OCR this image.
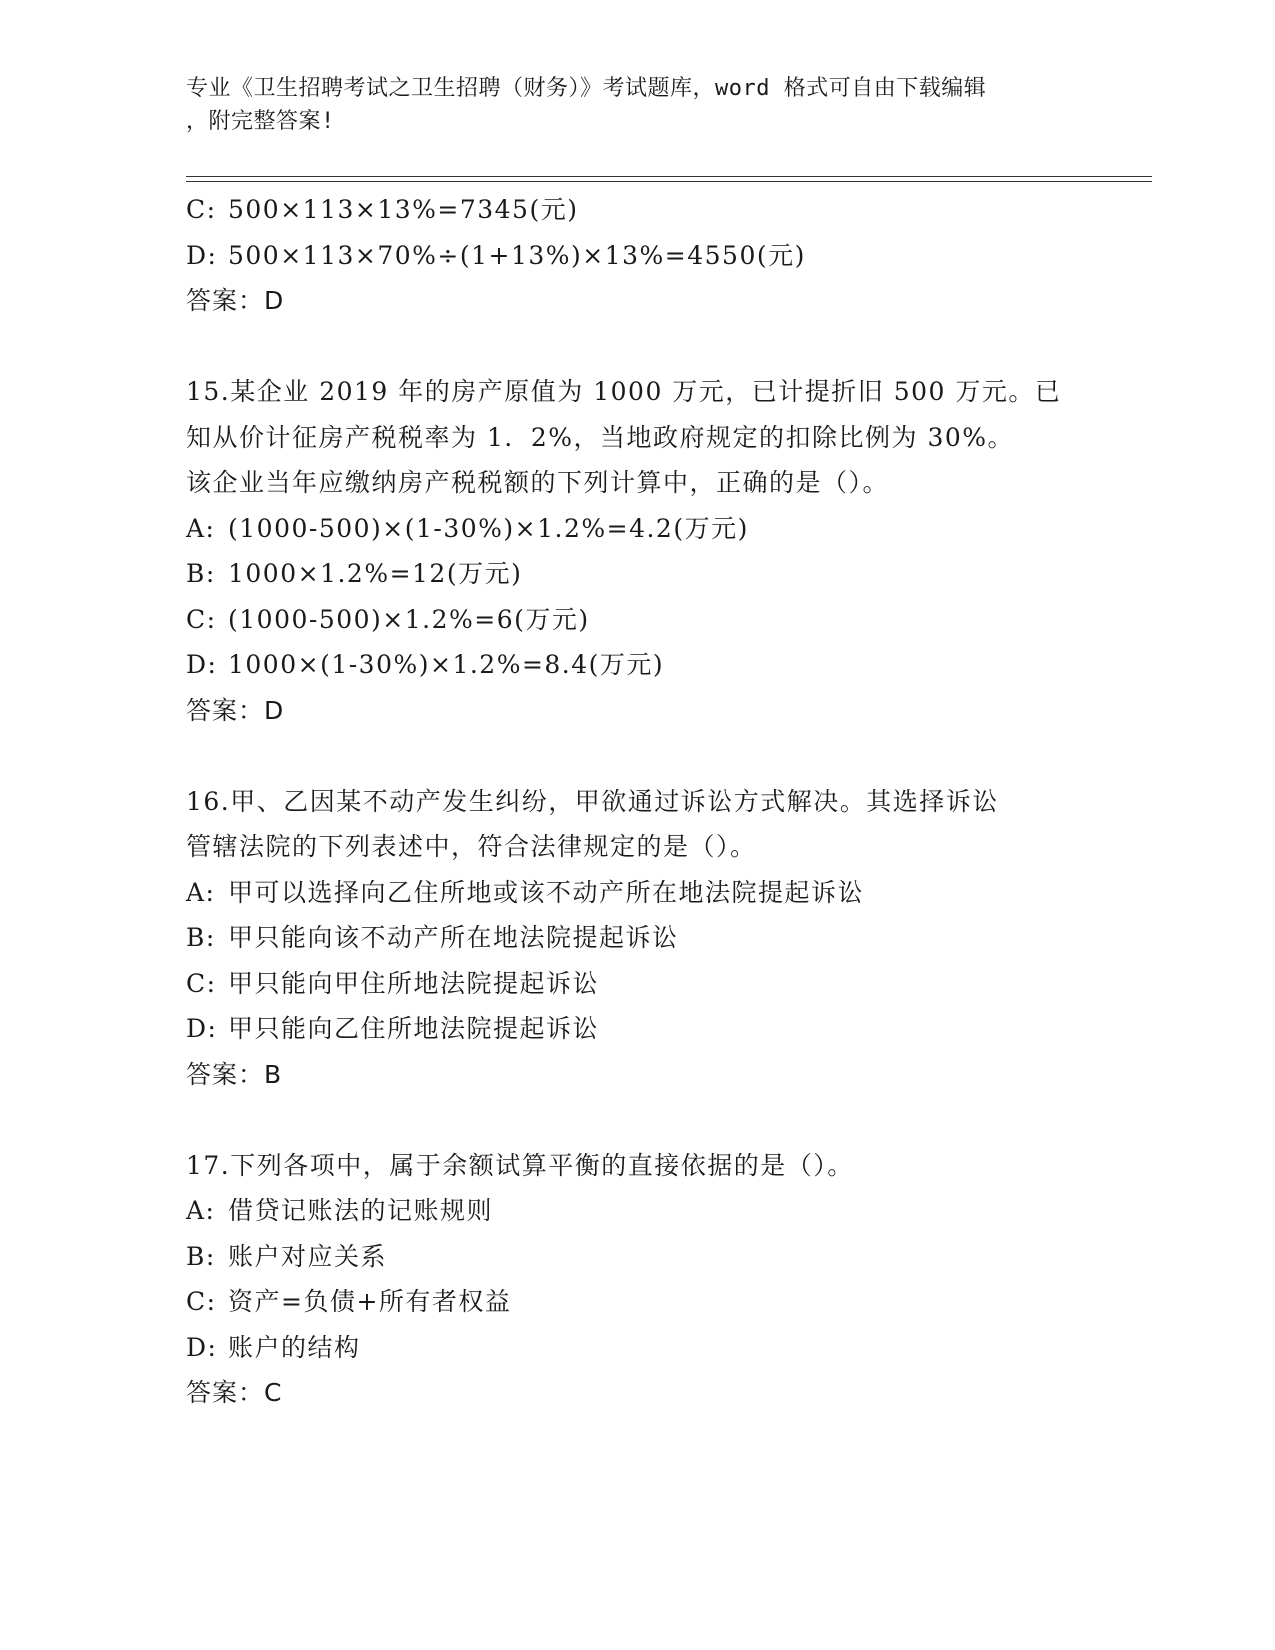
专业《卫生招聘考试之卫生招聘（财务）》考试题库，word 格式可自由下载编辑

，附完整答案!

C: 500×113×13%=7345(元)
D: 500×113×70%÷(1+13%)×13%=4550(元)
答案：D
15.某企业 2019 年的房产原值为 1000 万元，已计提折旧 500 万元。已
知从价计征房产税税率为 1．2%，当地政府规定的扣除比例为 30%。
该企业当年应缴纳房产税税额的下列计算中，正确的是（）。
A: (1000-500)×(1-30%)×1.2%=4.2(万元)
B: 1000×1.2%=12(万元)
C: (1000-500)×1.2%=6(万元)
D: 1000×(1-30%)×1.2%=8.4(万元)
答案：D
16.甲、乙因某不动产发生纠纷，甲欲通过诉讼方式解决。其选择诉讼
管辖法院的下列表述中，符合法律规定的是（）。
A: 甲可以选择向乙住所地或该不动产所在地法院提起诉讼
B: 甲只能向该不动产所在地法院提起诉讼
C: 甲只能向甲住所地法院提起诉讼
D: 甲只能向乙住所地法院提起诉讼
答案：B
17.下列各项中，属于余额试算平衡的直接依据的是（）。
A: 借贷记账法的记账规则
B: 账户对应关系
C: 资产=负债+所有者权益
D: 账户的结构
答案：C
